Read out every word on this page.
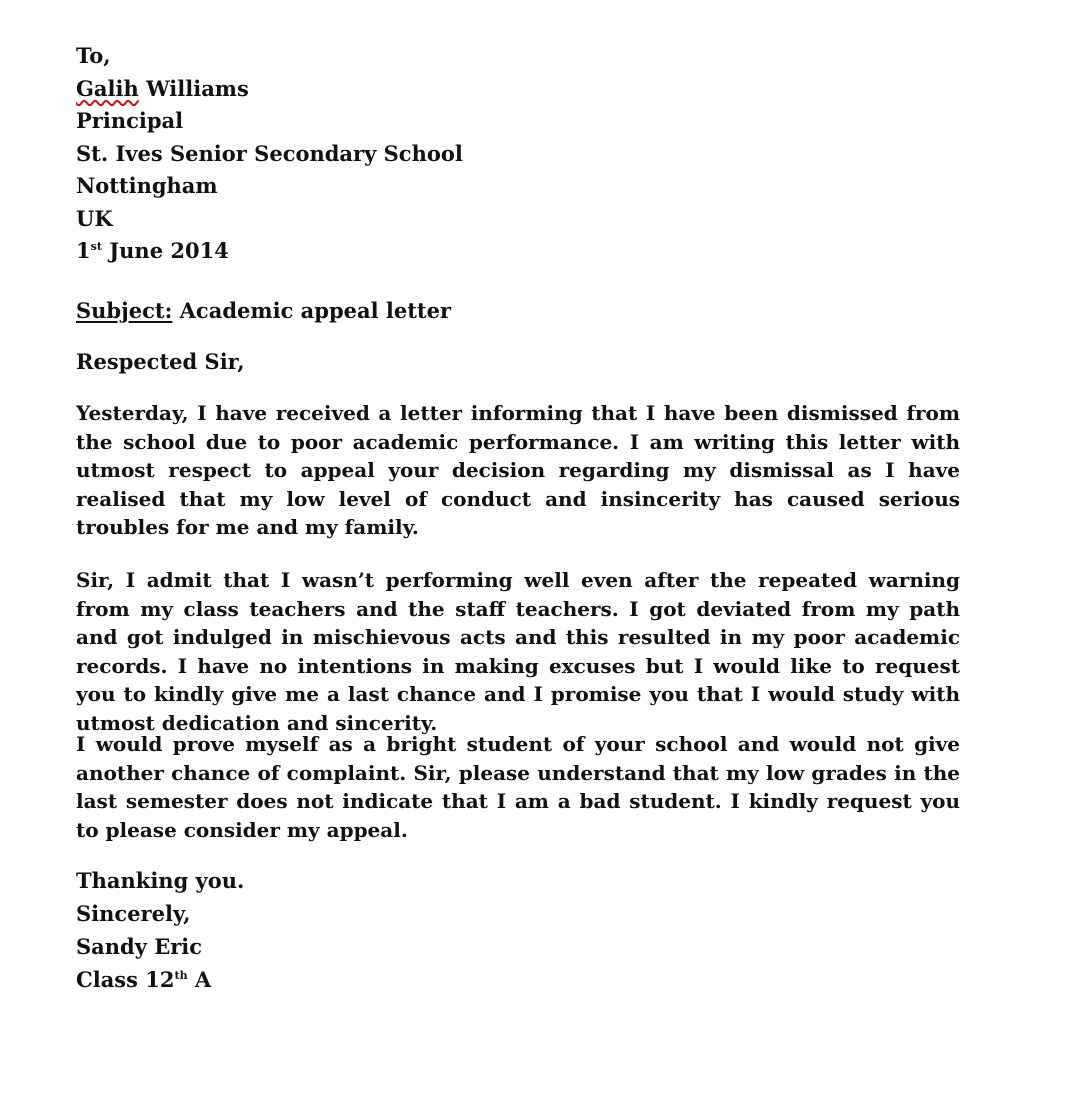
To,
Galih Williams
Principal
St. Ives Senior Secondary School
Nottingham
UK
1st June 2014
Subject: Academic appeal letter
Respected Sir,

Yesterday, I have received a letter informing that I have been dismissed from the school due to poor academic performance. I am writing this letter with utmost respect to appeal your decision regarding my dismissal as I have realised that my low level of conduct and insincerity has caused serious troubles for me and my family.

Sir, I admit that I wasn’t performing well even after the repeated warning from my class teachers and the staff teachers. I got deviated from my path and got indulged in mischievous acts and this resulted in my poor academic records. I have no intentions in making excuses but I would like to request you to kindly give me a last chance and I promise you that I would study with utmost dedication and sincerity.

I would prove myself as a bright student of your school and would not give another chance of complaint. Sir, please understand that my low grades in the last semester does not indicate that I am a bad student. I kindly request you to please consider my appeal.

Thanking you.
Sincerely,
Sandy Eric
Class 12th A
